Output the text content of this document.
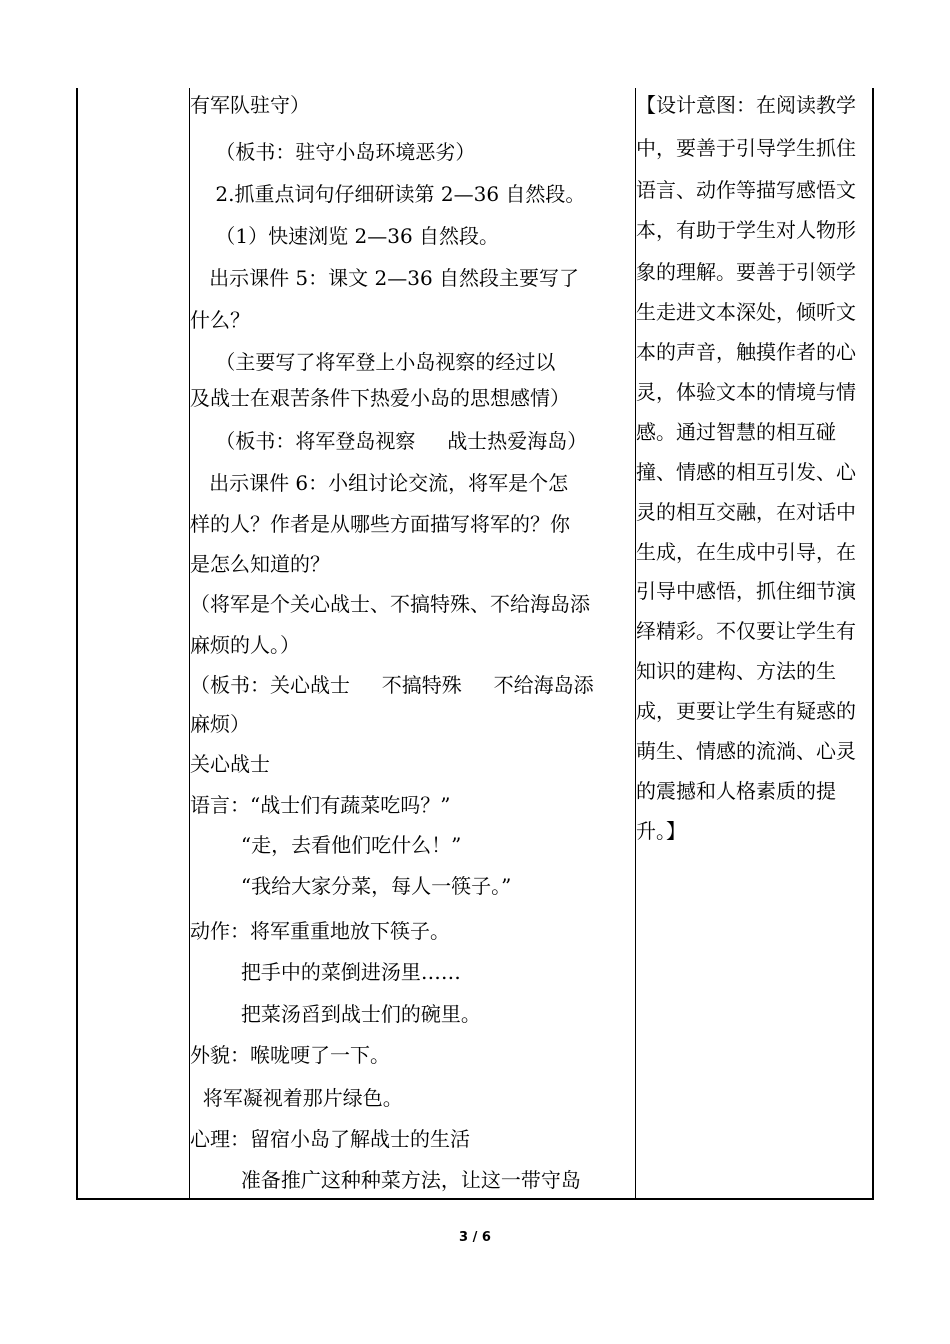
有军队驻守）
（板书：驻守小岛环境恶劣）
2.抓重点词句仔细研读第 2—36 自然段。
（1）快速浏览 2—36 自然段。
出示课件 5：课文 2—36 自然段主要写了
什么？
（主要写了将军登上小岛视察的经过以
及战士在艰苦条件下热爱小岛的思想感情）
（板书：将军登岛视察     战士热爱海岛）
出示课件 6：小组讨论交流，将军是个怎
样的人？作者是从哪些方面描写将军的？你
是怎么知道的？
（将军是个关心战士、不搞特殊、不给海岛添
麻烦的人。）
（板书：关心战士     不搞特殊     不给海岛添
麻烦）
关心战士
语言：“战士们有蔬菜吃吗？”
“走，去看他们吃什么！”
“我给大家分菜，每人一筷子。”
动作：将军重重地放下筷子。
把手中的菜倒进汤里……
把菜汤舀到战士们的碗里。
外貌：喉咙哽了一下。
将军凝视着那片绿色。
心理：留宿小岛了解战士的生活
准备推广这种种菜方法，让这一带守岛
【设计意图：在阅读教学
中，要善于引导学生抓住
语言、动作等描写感悟文
本，有助于学生对人物形
象的理解。要善于引领学
生走进文本深处，倾听文
本的声音，触摸作者的心
灵，体验文本的情境与情
感。通过智慧的相互碰
撞、情感的相互引发、心
灵的相互交融，在对话中
生成，在生成中引导，在
引导中感悟，抓住细节演
绎精彩。不仅要让学生有
知识的建构、方法的生
成，更要让学生有疑惑的
萌生、情感的流淌、心灵
的震撼和人格素质的提
升。】
3 / 6
